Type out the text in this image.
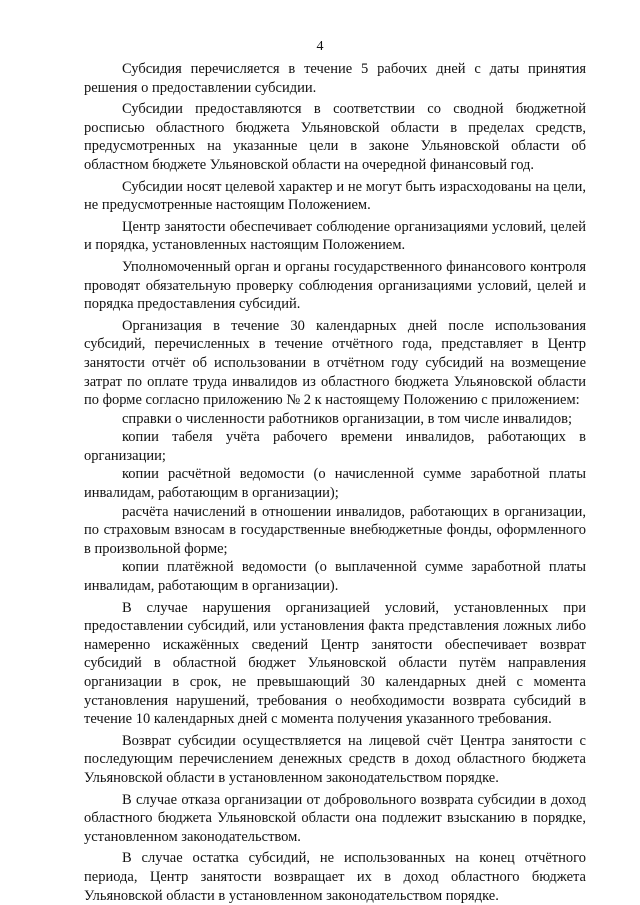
4

Субсидия перечисляется в течение 5 рабочих дней с даты принятия решения о предоставлении субсидии.

Субсидии предоставляются в соответствии со сводной бюджетной росписью областного бюджета Ульяновской области в пределах средств, предусмотренных на указанные цели в законе Ульяновской области об областном бюджете Ульяновской области на очередной финансовый год.

Субсидии носят целевой характер и не могут быть израсходованы на цели, не предусмотренные настоящим Положением.

Центр занятости обеспечивает соблюдение организациями условий, целей и порядка, установленных настоящим Положением.

Уполномоченный орган и органы государственного финансового контроля проводят обязательную проверку соблюдения организациями условий, целей и порядка предоставления субсидий.

Организация в течение 30 календарных дней после использования субсидий, перечисленных в течение отчётного года, представляет в Центр занятости отчёт об использовании в отчётном году субсидий на возмещение затрат по оплате труда инвалидов из областного бюджета Ульяновской области по форме согласно приложению № 2 к настоящему Положению с приложением:

справки о численности работников организации, в том числе инвалидов;

копии табеля учёта рабочего времени инвалидов, работающих в организации;

копии расчётной ведомости (о начисленной сумме заработной платы инвалидам, работающим в организации);

расчёта начислений в отношении инвалидов, работающих в организации, по страховым взносам в государственные внебюджетные фонды, оформленного в произвольной форме;

копии платёжной ведомости (о выплаченной сумме заработной платы инвалидам, работающим в организации).

В случае нарушения организацией условий, установленных при предоставлении субсидий, или установления факта представления ложных либо намеренно искажённых сведений Центр занятости обеспечивает возврат субсидий в областной бюджет Ульяновской области путём направления организации в срок, не превышающий 30 календарных дней с момента установления нарушений, требования о необходимости возврата субсидий в течение 10 календарных дней с момента получения указанного требования.

Возврат субсидии осуществляется на лицевой счёт Центра занятости с последующим перечислением денежных средств в доход областного бюджета Ульяновской области в установленном законодательством порядке.

В случае отказа организации от добровольного возврата субсидии в доход областного бюджета Ульяновской области она подлежит взысканию в порядке, установленном законодательством.

В случае остатка субсидий, не использованных на конец отчётного периода, Центр занятости возвращает их в доход областного бюджета Ульяновской области в установленном законодательством порядке.
